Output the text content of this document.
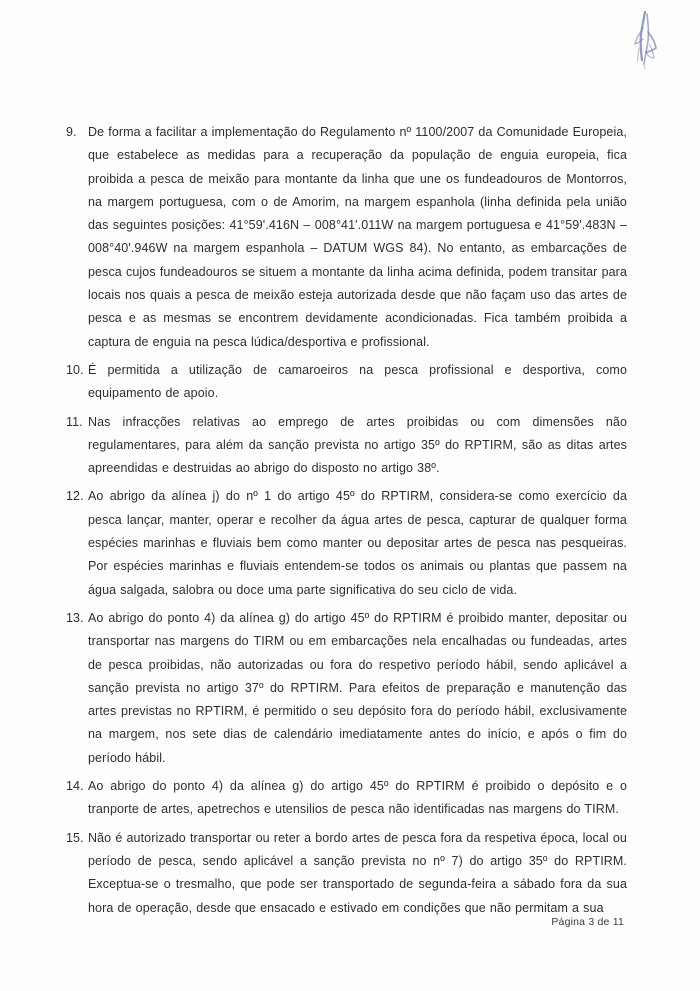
9. De forma a facilitar a implementação do Regulamento nº 1100/2007 da Comunidade Europeia, que estabelece as medidas para a recuperação da população de enguia europeia, fica proibida a pesca de meixão para montante da linha que une os fundeadouros de Montorros, na margem portuguesa, com o de Amorim, na margem espanhola (linha definida pela união das seguintes posições: 41°59'.416N – 008°41'.011W na margem portuguesa e 41°59'.483N – 008°40'.946W na margem espanhola – DATUM WGS 84). No entanto, as embarcações de pesca cujos fundeadouros se situem a montante da linha acima definida, podem transitar para locais nos quais a pesca de meixão esteja autorizada desde que não façam uso das artes de pesca e as mesmas se encontrem devidamente acondicionadas. Fica também proibida a captura de enguia na pesca lúdica/desportiva e profissional.
10. É permitida a utilização de camaroeiros na pesca profissional e desportiva, como equipamento de apoio.
11. Nas infracções relativas ao emprego de artes proibidas ou com dimensões não regulamentares, para além da sanção prevista no artigo 35º do RPTIRM, são as ditas artes apreendidas e destruidas ao abrigo do disposto no artigo 38º.
12. Ao abrigo da alínea j) do nº 1 do artigo 45º do RPTIRM, considera-se como exercício da pesca lançar, manter, operar e recolher da água artes de pesca, capturar de qualquer forma espécies marinhas e fluviais bem como manter ou depositar artes de pesca nas pesqueiras. Por espécies marinhas e fluviais entendem-se todos os animais ou plantas que passem na água salgada, salobra ou doce uma parte significativa do seu ciclo de vida.
13. Ao abrigo do ponto 4) da alínea g) do artigo 45º do RPTIRM é proibido manter, depositar ou transportar nas margens do TIRM ou em embarcações nela encalhadas ou fundeadas, artes de pesca proibidas, não autorizadas ou fora do respetivo período hábil, sendo aplicável a sanção prevista no artigo 37º do RPTIRM. Para efeitos de preparação e manutenção das artes previstas no RPTIRM, é permitido o seu depósito fora do período hábil, exclusivamente na margem, nos sete dias de calendário imediatamente antes do início, e após o fim do período hábil.
14. Ao abrigo do ponto 4) da alínea g) do artigo 45º do RPTIRM é proibido o depósito e o tranporte de artes, apetrechos e utensilios de pesca não identificadas nas margens do TIRM.
15. Não é autorizado transportar ou reter a bordo artes de pesca fora da respetiva época, local ou período de pesca, sendo aplicável a sanção prevista no nº 7) do artigo 35º do RPTIRM. Exceptua-se o tresmalho, que pode ser transportado de segunda-feira a sábado fora da sua hora de operação, desde que ensacado e estivado em condições que não permitam a sua
Página 3 de 11
